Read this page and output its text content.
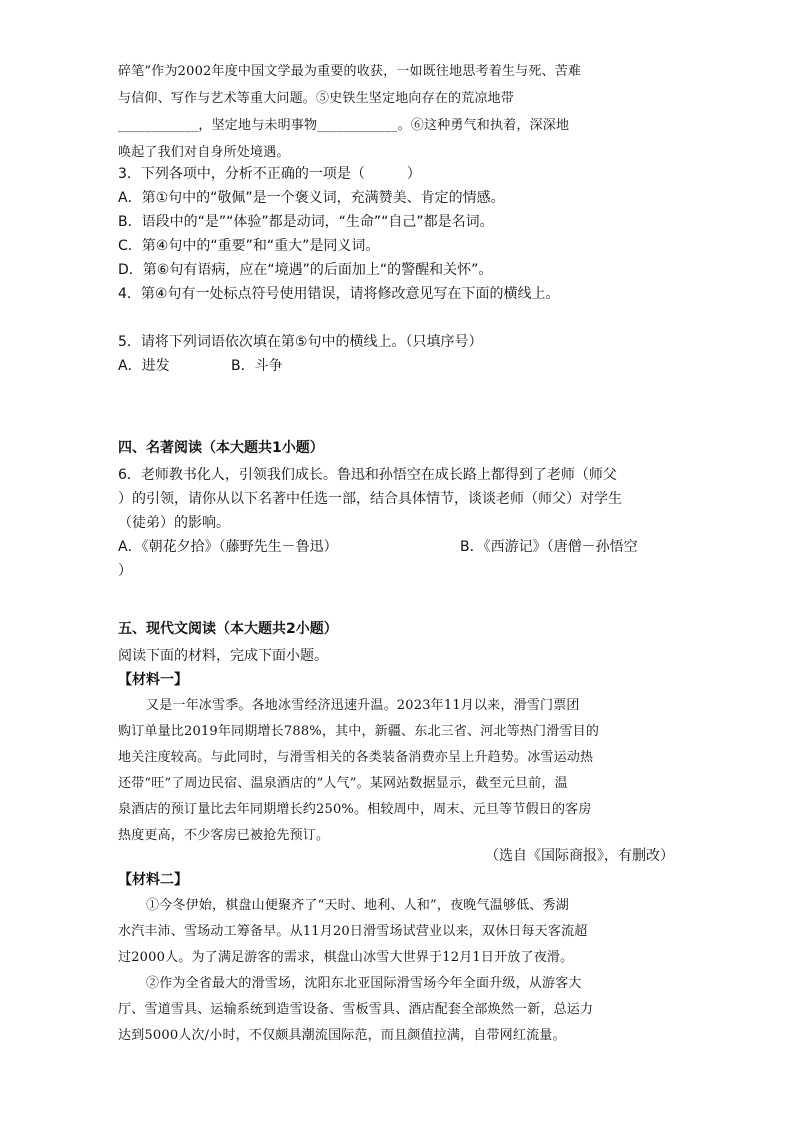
碎笔”作为2002年度中国文学最为重要的收获，一如既往地思考着生与死、苦难
与信仰、写作与艺术等重大问题。⑤史铁生坚定地向存在的荒凉地带
____________，坚定地与未明事物____________。⑥这种勇气和执着，深深地
唤起了我们对自身所处境遇。
3．下列各项中，分析不正确的一项是（　　　）
A．第①句中的“敬佩”是一个褒义词，充满赞美、肯定的情感。
B．语段中的“是”“体验”都是动词，“生命”“自己”都是名词。
C．第④句中的“重要”和“重大”是同义词。
D．第⑥句有语病，应在“境遇”的后面加上“的警醒和关怀”。
4．第④句有一处标点符号使用错误，请将修改意见写在下面的横线上。
5．请将下列词语依次填在第⑤句中的横线上。（只填序号）
A．进发	B．斗争
四、名著阅读（本大题共1小题）
6．老师教书化人，引领我们成长。鲁迅和孙悟空在成长路上都得到了老师（师父
）的引领，请你从以下名著中任选一部，结合具体情节，谈谈老师（师父）对学生
（徒弟）的影响。
A．《朝花夕拾》（藤野先生－鲁迅）	B．《西游记》（唐僧－孙悟空
）
五、现代文阅读（本大题共2小题）
阅读下面的材料，完成下面小题。
【材料一】
又是一年冰雪季。各地冰雪经济迅速升温。2023年11月以来，滑雪门票团
购订单量比2019年同期增长788%，其中，新疆、东北三省、河北等热门滑雪目的
地关注度较高。与此同时，与滑雪相关的各类装备消费亦呈上升趋势。冰雪运动热
还带“旺”了周边民宿、温泉酒店的“人气”。某网站数据显示，截至元旦前，温
泉酒店的预订量比去年同期增长约250%。相较周中，周末、元旦等节假日的客房
热度更高，不少客房已被抢先预订。
（选自《国际商报》，有删改）
【材料二】
①今冬伊始，棋盘山便聚齐了“天时、地利、人和”，夜晚气温够低、秀湖
水汽丰沛、雪场动工筹备早。从11月20日滑雪场试营业以来，双休日每天客流超
过2000人。为了满足游客的需求，棋盘山冰雪大世界于12月1日开放了夜滑。
②作为全省最大的滑雪场，沈阳东北亚国际滑雪场今年全面升级，从游客大
厅、雪道雪具、运输系统到造雪设备、雪板雪具、酒店配套全部焕然一新，总运力
达到5000人次/小时，不仅颇具潮流国际范，而且颜值拉满，自带网红流量。
